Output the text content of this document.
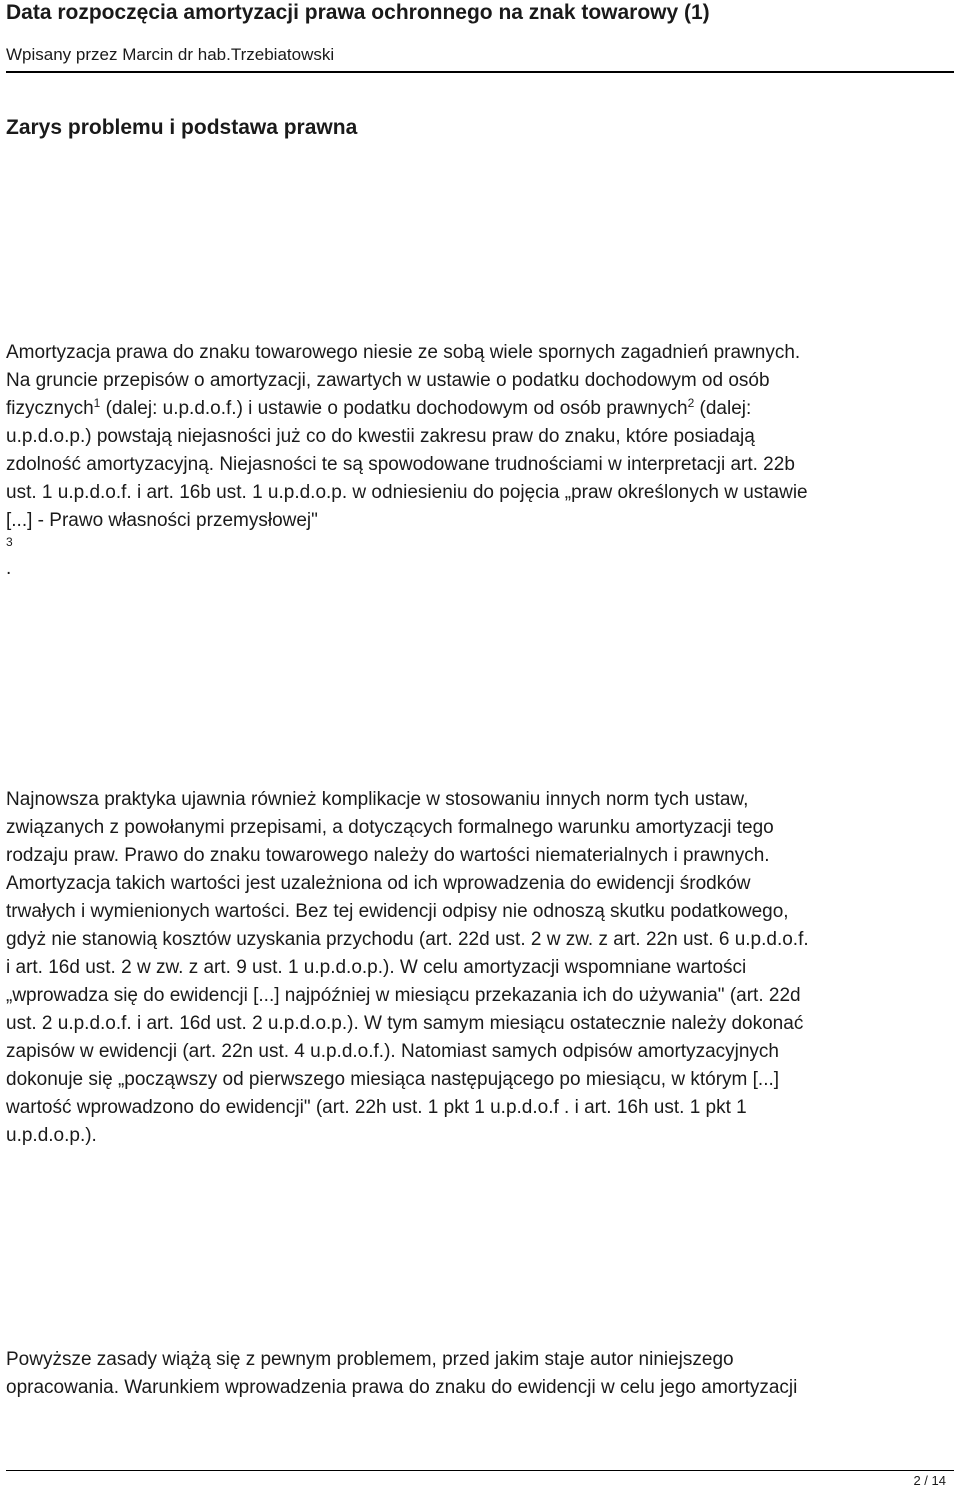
Data rozpoczęcia amortyzacji prawa ochronnego na znak towarowy (1)
Wpisany przez Marcin dr hab.Trzebiatowski
Zarys problemu i podstawa prawna
Amortyzacja prawa do znaku towarowego niesie ze sobą wiele spornych zagadnień prawnych.
Na gruncie przepisów o amortyzacji, zawartych w ustawie o podatku dochodowym od osób
fizycznych$^1$ (dalej: u.p.d.o.f.) i ustawie o podatku dochodowym od osób prawnych$^2$ (dalej:
u.p.d.o.p.) powstają niejasności już co do kwestii zakresu praw do znaku, które posiadają
zdolność amortyzacyjną. Niejasności te są spowodowane trudnościami w interpretacji art. 22b
ust. 1 u.p.d.o.f. i art. 16b ust. 1 u.p.d.o.p. w odniesieniu do pojęcia „praw określonych w ustawie
[...] - Prawo własności przemysłowej"
3
.
Najnowsza praktyka ujawnia również komplikacje w stosowaniu innych norm tych ustaw,
związanych z powołanymi przepisami, a dotyczących formalnego warunku amortyzacji tego
rodzaju praw. Prawo do znaku towarowego należy do wartości niematerialnych i prawnych.
Amortyzacja takich wartości jest uzależniona od ich wprowadzenia do ewidencji środków
trwałych i wymienionych wartości. Bez tej ewidencji odpisy nie odnoszą skutku podatkowego,
gdyż nie stanowią kosztów uzyskania przychodu (art. 22d ust. 2 w zw. z art. 22n ust. 6 u.p.d.o.f.
i art. 16d ust. 2 w zw. z art. 9 ust. 1 u.p.d.o.p.). W celu amortyzacji wspomniane wartości
„wprowadza się do ewidencji [...] najpóźniej w miesiącu przekazania ich do używania" (art. 22d
ust. 2 u.p.d.o.f. i art. 16d ust. 2 u.p.d.o.p.). W tym samym miesiącu ostatecznie należy dokonać
zapisów w ewidencji (art. 22n ust. 4 u.p.d.o.f.). Natomiast samych odpisów amortyzacyjnych
dokonuje się „począwszy od pierwszego miesiąca następującego po miesiącu, w którym [...]
wartość wprowadzono do ewidencji" (art. 22h ust. 1 pkt 1 u.p.d.o.f . i art. 16h ust. 1 pkt 1
u.p.d.o.p.).
Powyższe zasady wiążą się z pewnym problemem, przed jakim staje autor niniejszego
opracowania. Warunkiem wprowadzenia prawa do znaku do ewidencji w celu jego amortyzacji
2 / 14
